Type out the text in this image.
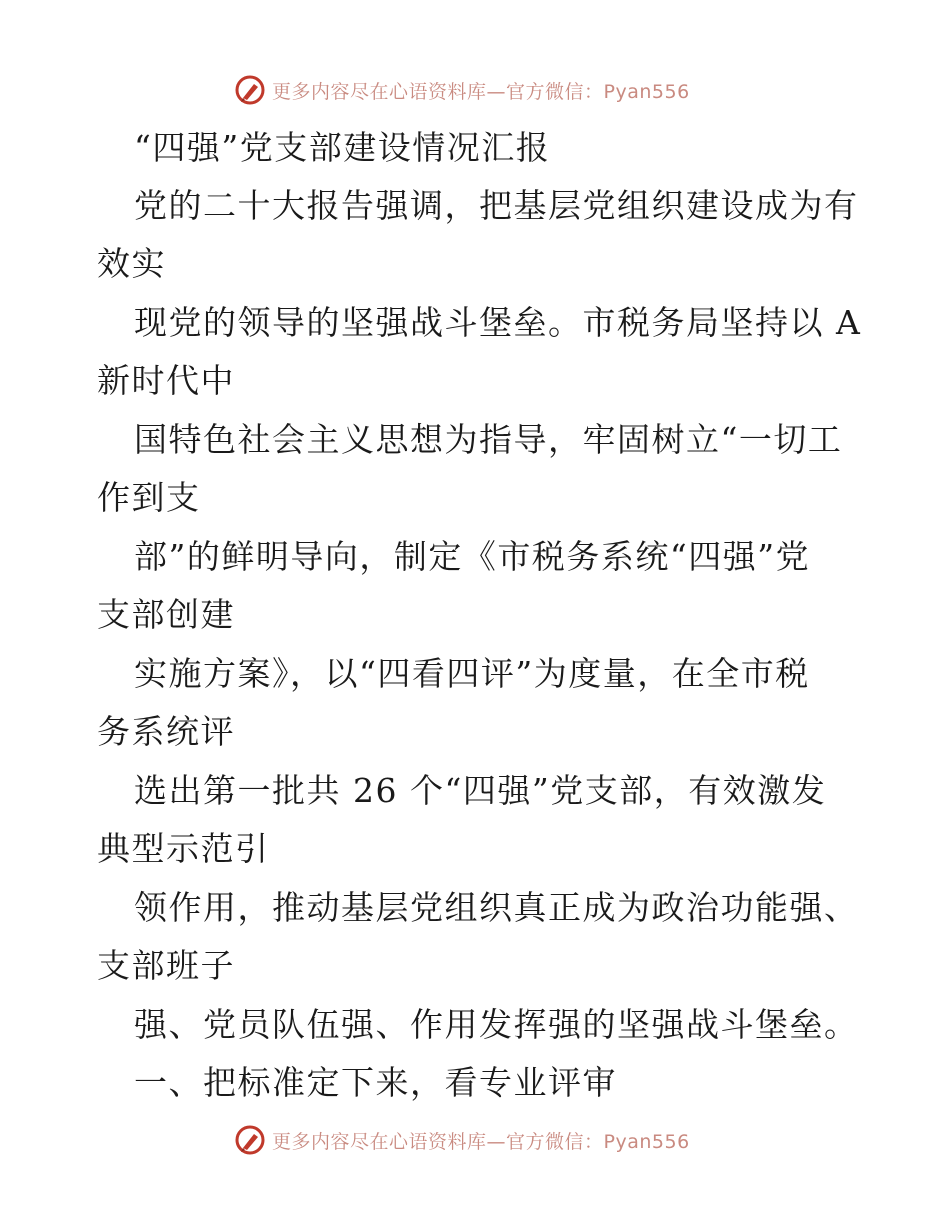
更多内容尽在心语资料库—官方微信：Pyan556
“四强”党支部建设情况汇报
党的二十大报告强调，把基层党组织建设成为有
效实
现党的领导的坚强战斗堡垒。市税务局坚持以 A
新时代中
国特色社会主义思想为指导，牢固树立“一切工
作到支
部”的鲜明导向，制定《市税务系统“四强”党
支部创建
实施方案》，以“四看四评”为度量，在全市税
务系统评
选出第一批共 26 个“四强”党支部，有效激发
典型示范引
领作用，推动基层党组织真正成为政治功能强、
支部班子
强、党员队伍强、作用发挥强的坚强战斗堡垒。
一、把标准定下来，看专业评审
更多内容尽在心语资料库—官方微信：Pyan556
